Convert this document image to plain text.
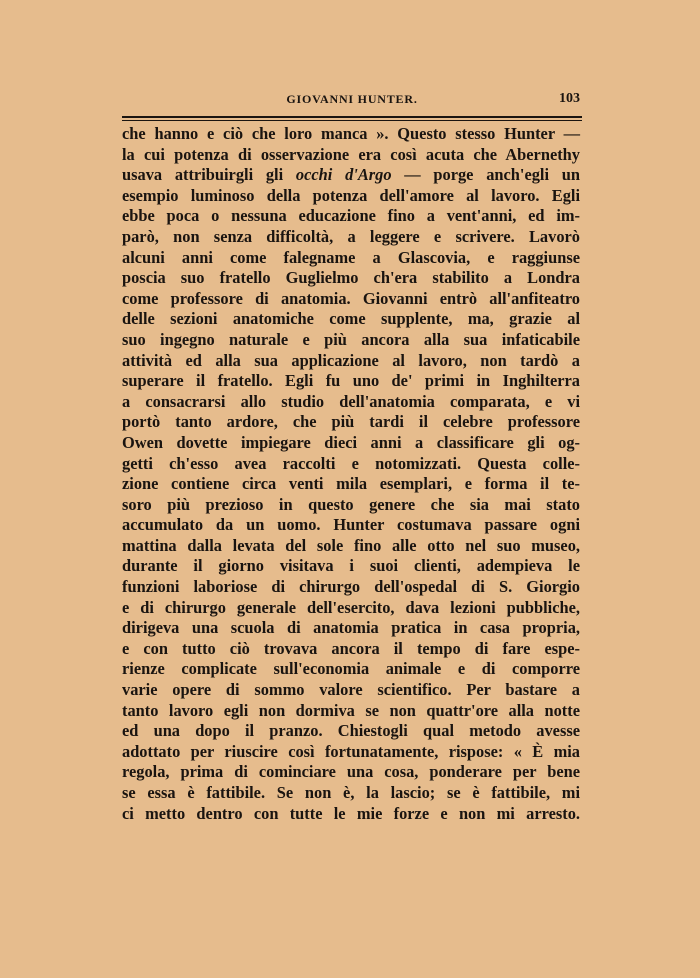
GIOVANNI HUNTER.	103
che hanno e ciò che loro manca ». Questo stesso Hunter —
la cui potenza di osservazione era così acuta che Abernethy
usava attribuirgli gli occhi d'Argo — porge anch'egli un
esempio luminoso della potenza dell'amore al lavoro. Egli
ebbe poca o nessuna educazione fino a vent'anni, ed im-
parò, non senza difficoltà, a leggere e scrivere. Lavorò
alcuni anni come falegname a Glascovia, e raggiunse
poscia suo fratello Guglielmo ch'era stabilito a Londra
come professore di anatomia. Giovanni entrò all'anfiteatro
delle sezioni anatomiche come supplente, ma, grazie al
suo ingegno naturale e più ancora alla sua infaticabile
attività ed alla sua applicazione al lavoro, non tardò a
superare il fratello. Egli fu uno de' primi in Inghilterra
a consacrarsi allo studio dell'anatomia comparata, e vi
portò tanto ardore, che più tardi il celebre professore
Owen dovette impiegare dieci anni a classificare gli og-
getti ch'esso avea raccolti e notomizzati. Questa colle-
zione contiene circa venti mila esemplari, e forma il te-
soro più prezioso in questo genere che sia mai stato
accumulato da un uomo. Hunter costumava passare ogni
mattina dalla levata del sole fino alle otto nel suo museo,
durante il giorno visitava i suoi clienti, adempieva le
funzioni laboriose di chirurgo dell'ospedal di S. Giorgio
e di chirurgo generale dell'esercito, dava lezioni pubbliche,
dirigeva una scuola di anatomia pratica in casa propria,
e con tutto ciò trovava ancora il tempo di fare espe-
rienze complicate sull'economia animale e di comporre
varie opere di sommo valore scientifico. Per bastare a
tanto lavoro egli non dormiva se non quattr'ore alla notte
ed una dopo il pranzo. Chiestogli qual metodo avesse
adottato per riuscire così fortunatamente, rispose: « È mia
regola, prima di cominciare una cosa, ponderare per bene
se essa è fattibile. Se non è, la lascio; se è fattibile, mi
ci metto dentro con tutte le mie forze e non mi arresto.
